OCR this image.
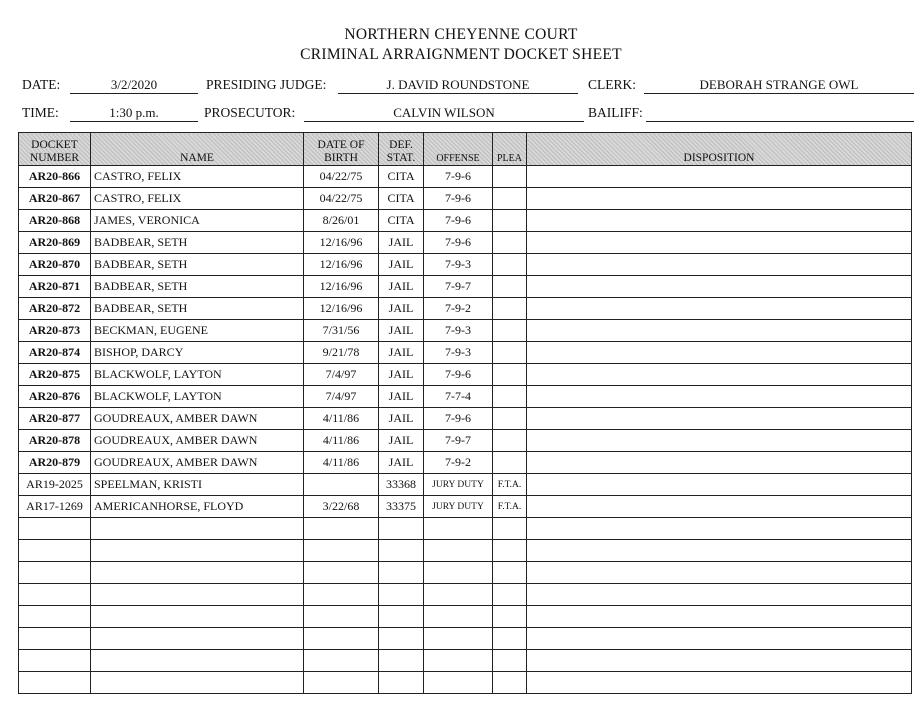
NORTHERN CHEYENNE COURT
CRIMINAL ARRAIGNMENT DOCKET SHEET
DATE:	3/2/2020	PRESIDING JUDGE:	J. DAVID ROUNDSTONE	CLERK:	DEBORAH STRANGE OWL
TIME:	1:30 p.m.	PROSECUTOR:	CALVIN WILSON	BAILIFF:
DOCKET NUMBER	NAME	DATE OF BIRTH	DEF. STAT.	OFFENSE	PLEA	DISPOSITION
AR20-866	CASTRO, FELIX	04/22/75	CITA	7-9-6		
AR20-867	CASTRO, FELIX	04/22/75	CITA	7-9-6		
AR20-868	JAMES, VERONICA	8/26/01	CITA	7-9-6		
AR20-869	BADBEAR, SETH	12/16/96	JAIL	7-9-6		
AR20-870	BADBEAR, SETH	12/16/96	JAIL	7-9-3		
AR20-871	BADBEAR, SETH	12/16/96	JAIL	7-9-7		
AR20-872	BADBEAR, SETH	12/16/96	JAIL	7-9-2		
AR20-873	BECKMAN, EUGENE	7/31/56	JAIL	7-9-3		
AR20-874	BISHOP, DARCY	9/21/78	JAIL	7-9-3		
AR20-875	BLACKWOLF, LAYTON	7/4/97	JAIL	7-9-6		
AR20-876	BLACKWOLF, LAYTON	7/4/97	JAIL	7-7-4		
AR20-877	GOUDREAUX, AMBER DAWN	4/11/86	JAIL	7-9-6		
AR20-878	GOUDREAUX, AMBER DAWN	4/11/86	JAIL	7-9-7		
AR20-879	GOUDREAUX, AMBER DAWN	4/11/86	JAIL	7-9-2		
AR19-2025	SPEELMAN, KRISTI		33368	JURY DUTY	F.T.A.	
AR17-1269	AMERICANHORSE, FLOYD	3/22/68	33375	JURY DUTY	F.T.A.	
